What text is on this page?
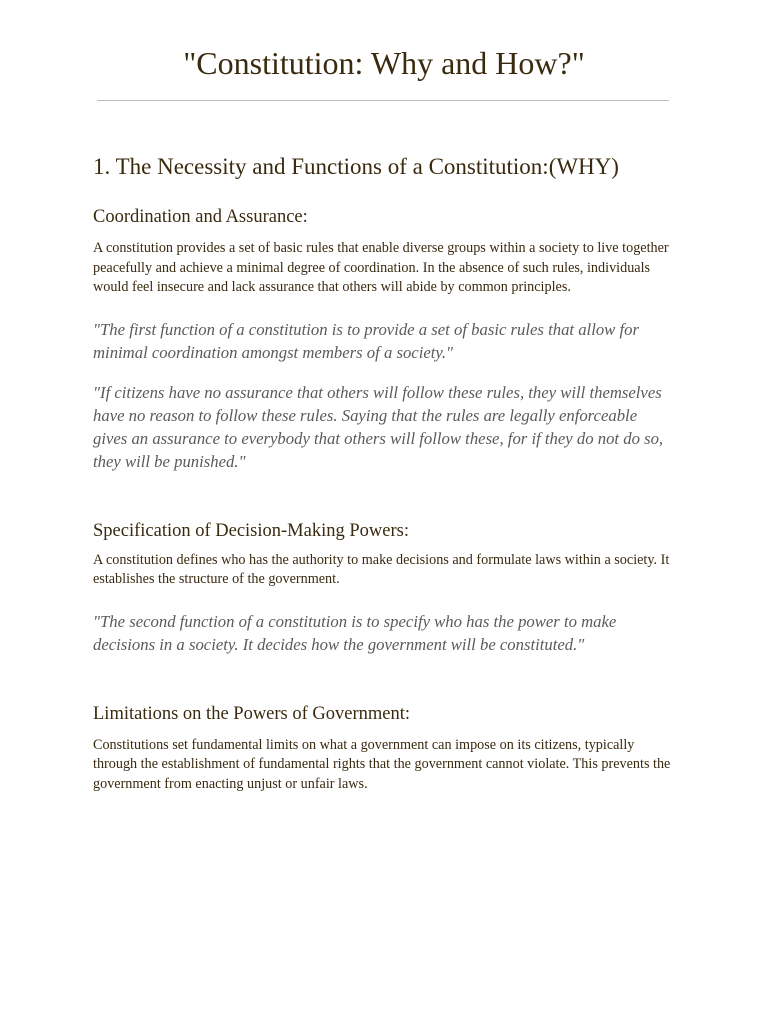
"Constitution: Why and How?"
1. The Necessity and Functions of a Constitution:(WHY)
Coordination and Assurance:

A constitution provides a set of basic rules that enable diverse groups within a society to live together peacefully and achieve a minimal degree of coordination. In the absence of such rules, individuals would feel insecure and lack assurance that others will abide by common principles.

"The first function of a constitution is to provide a set of basic rules that allow for minimal coordination amongst members of a society."

"If citizens have no assurance that others will follow these rules, they will themselves have no reason to follow these rules. Saying that the rules are legally enforceable gives an assurance to everybody that others will follow these, for if they do not do so, they will be punished."

Specification of Decision-Making Powers:

A constitution defines who has the authority to make decisions and formulate laws within a society. It establishes the structure of the government.

"The second function of a constitution is to specify who has the power to make decisions in a society. It decides how the government will be constituted."

Limitations on the Powers of Government:

Constitutions set fundamental limits on what a government can impose on its citizens, typically through the establishment of fundamental rights that the government cannot violate. This prevents the government from enacting unjust or unfair laws.
